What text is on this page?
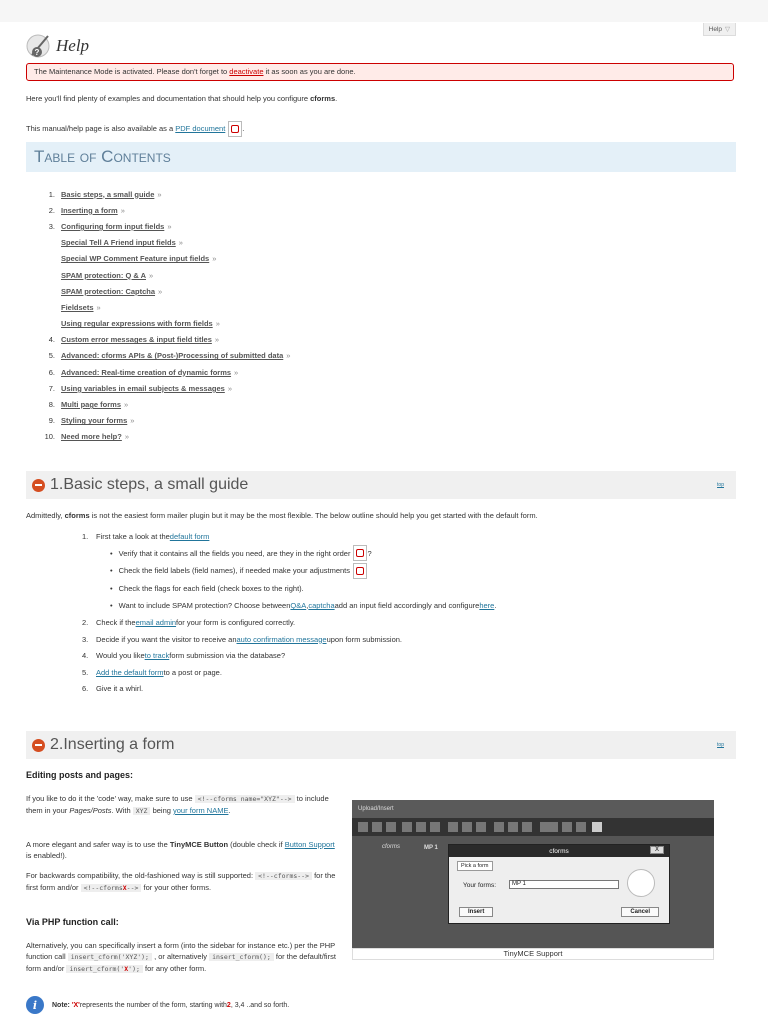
Help ▽
? Help
The Maintenance Mode is activated. Please don't forget to deactivate it as soon as you are done.
Here you'll find plenty of examples and documentation that should help you configure cforms.
This manual/help page is also available as a PDF document .
Table of Contents
1. Basic steps, a small guide »
2. Inserting a form »
3. Configuring form input fields »
Special Tell A Friend input fields »
Special WP Comment Feature input fields »
SPAM protection: Q & A »
SPAM protection: Captcha »
Fieldsets »
Using regular expressions with form fields »
4. Custom error messages & input field titles »
5. Advanced: cforms APIs & (Post-)Processing of submitted data »
6. Advanced: Real-time creation of dynamic forms »
7. Using variables in email subjects & messages »
8. Multi page forms »
9. Styling your forms »
10. Need more help? »
1.Basic steps, a small guide	top
Admittedly, cforms is not the easiest form mailer plugin but it may be the most flexible. The below outline should help you get started with the default form.
1.	First take a look at the default form
• Verify that it contains all the fields you need, are they in the right order ?
• Check the field labels (field names), if needed make your adjustments
• Check the flags for each field (check boxes to the right).
• Want to include SPAM protection? Choose between Q&A , captcha add an input field accordingly and configure here .
2.	Check if the email admin for your form is configured correctly.
3.	Decide if you want the visitor to receive an auto confirmation message upon form submission.
4.	Would you like to track form submission via the database?
5.	Add the default form to a post or page.
6.	Give it a whirl.
2.Inserting a form	top
Editing posts and pages:
If you like to do it the 'code' way, make sure to use <!--cforms name="XYZ"--> to include them in your Pages/Posts. With XYZ being your form NAME.
A more elegant and safer way is to use the TinyMCE Button (double check if Button Support is enabled!).
For backwards compatibility, the old-fashioned way is still supported: <!--cforms--> for the first form and/or <!--cformsX--> for your other forms.
Via PHP function call:
Alternatively, you can specifically insert a form (into the sidebar for instance etc.) per the PHP function call insert_cform('XYZ'); , or alternatively insert_cform(); for the default/first form and/or insert_cform('X'); for any other form.
i	Note:
'X' represents the number of the form, starting with 2 , 3,4 ..and so forth.
Upload/Insert
cforms	MP 1	cforms	X
Pick a form
Your forms:	MP 1
Insert	Cancel
TinyMCE Support
